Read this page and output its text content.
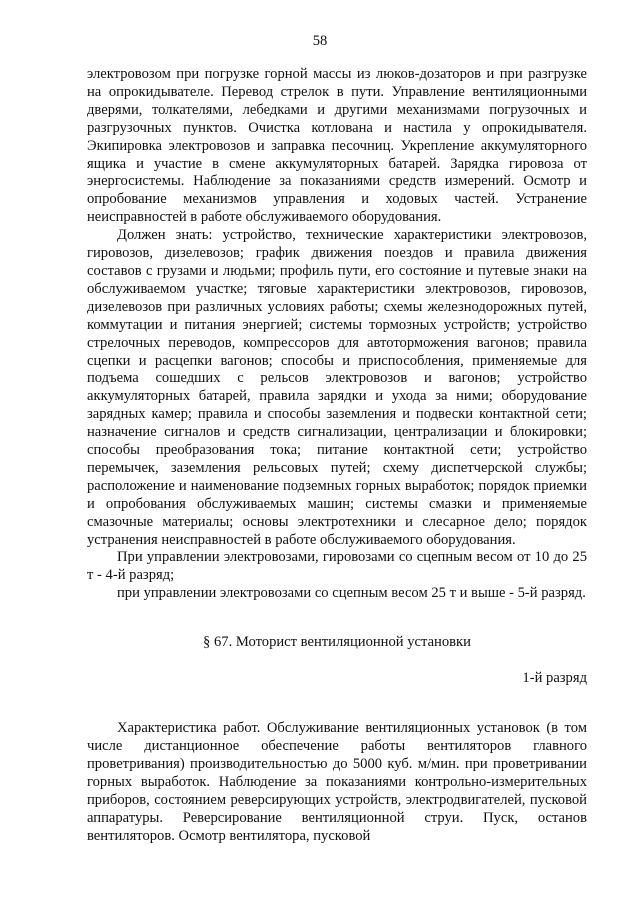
58

электровозом при погрузке горной массы из люков-дозаторов и при разгрузке на опрокидывателе. Перевод стрелок в пути. Управление вентиляционными дверями, толкателями, лебедками и другими механизмами погрузочных и разгрузочных пунктов. Очистка котлована и настила у опрокидывателя. Экипировка электровозов и заправка песочниц. Укрепление аккумуляторного ящика и участие в смене аккумуляторных батарей. Зарядка гировоза от энергосистемы. Наблюдение за показаниями средств измерений. Осмотр и опробование механизмов управления и ходовых частей. Устранение неисправностей в работе обслуживаемого оборудования.

Должен знать: устройство, технические характеристики электровозов, гировозов, дизелевозов; график движения поездов и правила движения составов с грузами и людьми; профиль пути, его состояние и путевые знаки на обслуживаемом участке; тяговые характеристики электровозов, гировозов, дизелевозов при различных условиях работы; схемы железнодорожных путей, коммутации и питания энергией; системы тормозных устройств; устройство стрелочных переводов, компрессоров для автоторможения вагонов; правила сцепки и расцепки вагонов; способы и приспособления, применяемые для подъема сошедших с рельсов электровозов и вагонов; устройство аккумуляторных батарей, правила зарядки и ухода за ними; оборудование зарядных камер; правила и способы заземления и подвески контактной сети; назначение сигналов и средств сигнализации, централизации и блокировки; способы преобразования тока; питание контактной сети; устройство перемычек, заземления рельсовых путей; схему диспетчерской службы; расположение и наименование подземных горных выработок; порядок приемки и опробования обслуживаемых машин; системы смазки и применяемые смазочные материалы; основы электротехники и слесарное дело; порядок устранения неисправностей в работе обслуживаемого оборудования.

При управлении электровозами, гировозами со сцепным весом от 10 до 25 т - 4-й разряд;

при управлении электровозами со сцепным весом 25 т и выше - 5-й разряд.

§ 67. Моторист вентиляционной установки

1-й разряд

Характеристика работ. Обслуживание вентиляционных установок (в том числе дистанционное обеспечение работы вентиляторов главного проветривания) производительностью до 5000 куб. м/мин. при проветривании горных выработок. Наблюдение за показаниями контрольно-измерительных приборов, состоянием реверсирующих устройств, электродвигателей, пусковой аппаратуры. Реверсирование вентиляционной струи. Пуск, останов вентиляторов. Осмотр вентилятора, пусковой
